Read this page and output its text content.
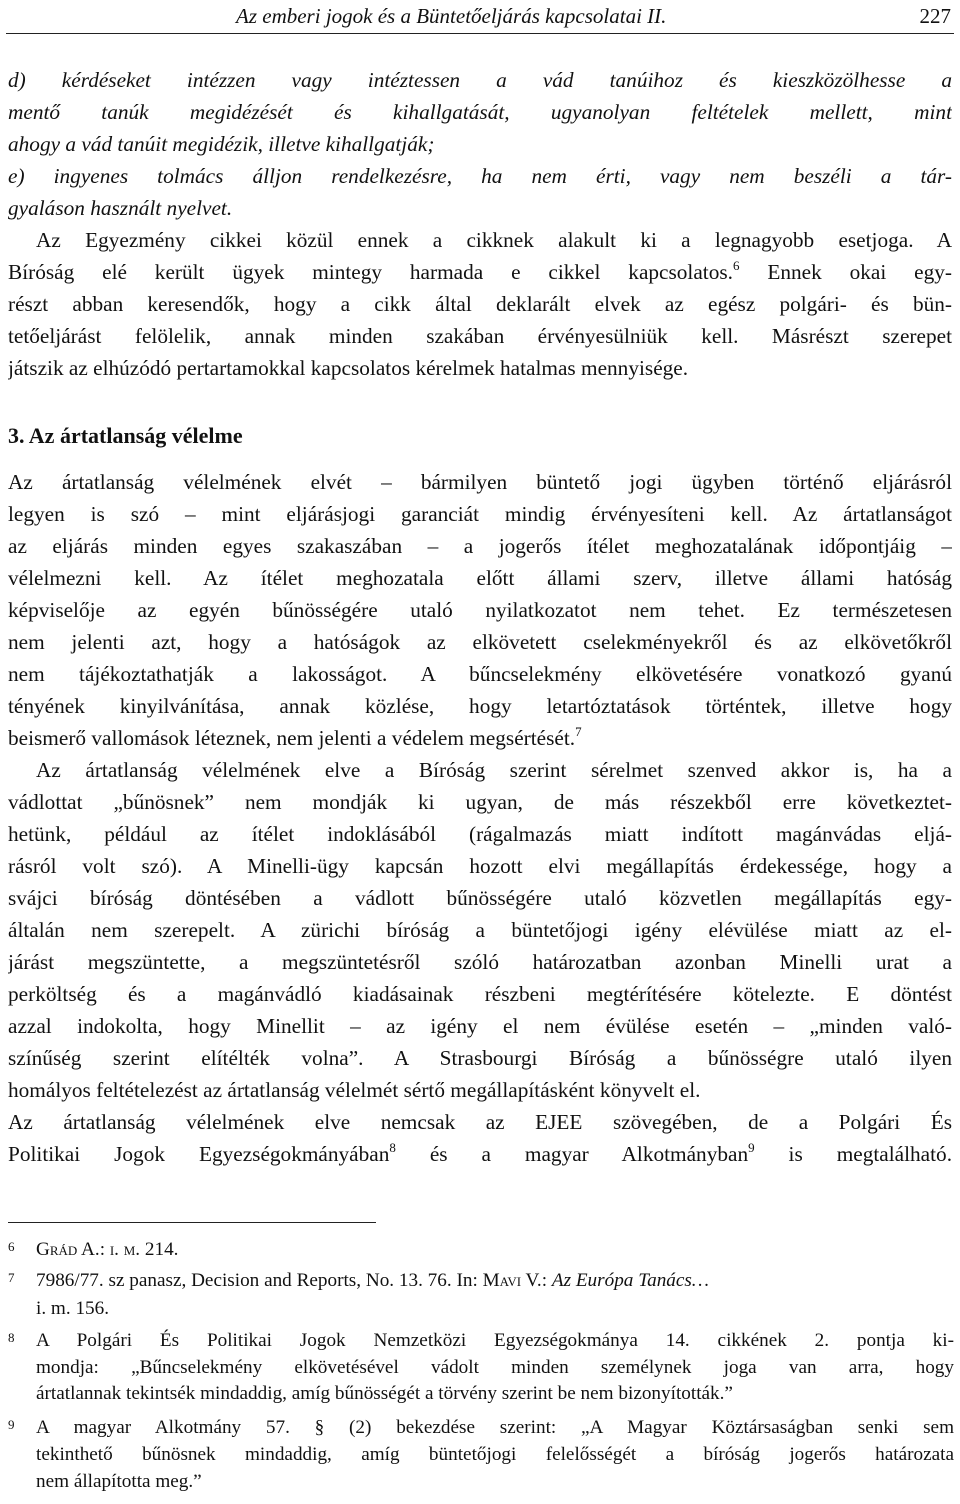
Az emberi jogok és a Büntetőeljárás kapcsolatai II.	227
d) kérdéseket intézzen vagy intéztessen a vád tanúihoz és kieszközölhesse a
mentő tanúk megidézését és kihallgatását, ugyanolyan feltételek mellett, mint
ahogy a vád tanúit megidézik, illetve kihallgatják;
e) ingyenes tolmács álljon rendelkezésre, ha nem érti, vagy nem beszéli a tár-
gyaláson használt nyelvet.
Az Egyezmény cikkei közül ennek a cikknek alakult ki a legnagyobb esetjoga. A
Bíróság elé került ügyek mintegy harmada e cikkel kapcsolatos.$^6$ Ennek okai egy-
részt abban keresendők, hogy a cikk által deklarált elvek az egész polgári- és bün-
tetőeljárást felölelik, annak minden szakában érvényesülniük kell. Másrészt szerepet
játszik az elhúzódó pertartamokkal kapcsolatos kérelmek hatalmas mennyisége.
3. Az ártatlanság vélelme
Az ártatlanság vélelmének elvét – bármilyen büntető jogi ügyben történő eljárásról
legyen is szó – mint eljárásjogi garanciát mindig érvényesíteni kell. Az ártatlanságot
az eljárás minden egyes szakaszában – a jogerős ítélet meghozatalának időpontjáig –
vélelmezni kell. Az ítélet meghozatala előtt állami szerv, illetve állami hatóság
képviselője az egyén bűnösségére utaló nyilatkozatot nem tehet. Ez természetesen
nem jelenti azt, hogy a hatóságok az elkövetett cselekményekről és az elkövetőkről
nem tájékoztathatják a lakosságot. A bűncselekmény elkövetésére vonatkozó gyanú
tényének kinyilvánítása, annak közlése, hogy letartóztatások történtek, illetve hogy
beismerő vallomások léteznek, nem jelenti a védelem megsértését.$^7$
Az ártatlanság vélelmének elve a Bíróság szerint sérelmet szenved akkor is, ha a
vádlottat „bűnösnek” nem mondják ki ugyan, de más részekből erre következtet-
hetünk, például az ítélet indoklásából (rágalmazás miatt indított magánvádas eljá-
rásról volt szó). A Minelli-ügy kapcsán hozott elvi megállapítás érdekessége, hogy a
svájci bíróság döntésében a vádlott bűnösségére utaló közvetlen megállapítás egy-
általán nem szerepelt. A zürichi bíróság a büntetőjogi igény elévülése miatt az el-
járást megszüntette, a megszüntetésről szóló határozatban azonban Minelli urat a
perköltség és a magánvádló kiadásainak részbeni megtérítésére kötelezte. E döntést
azzal indokolta, hogy Minellit – az igény el nem évülése esetén – „minden való-
színűség szerint elítélték volna”. A Strasbourgi Bíróság a bűnösségre utaló ilyen
homályos feltételezést az ártatlanság vélelmét sértő megállapításként könyvelt el.
Az ártatlanság vélelmének elve nemcsak az EJEE szövegében, de a Polgári És
Politikai Jogok Egyezségokmányában$^8$ és a magyar Alkotmányban$^9$ is megtalálható.
6 Grád A.: i. m. 214.
7 7986/77. sz panasz, Decision and Reports, No. 13. 76. In: Mavi V.: Az Európa Tanács…
i. m. 156.
8 A Polgári És Politikai Jogok Nemzetközi Egyezségokmánya 14. cikkének 2. pontja ki-
mondja: „Bűncselekmény elkövetésével vádolt minden személynek joga van arra, hogy
ártatlannak tekintsék mindaddig, amíg bűnösségét a törvény szerint be nem bizonyították.”
9 A magyar Alkotmány 57. § (2) bekezdése szerint: „A Magyar Köztársaságban senki sem
tekinthető bűnösnek mindaddig, amíg büntetőjogi felelősségét a bíróság jogerős határozata
nem állapította meg.”
